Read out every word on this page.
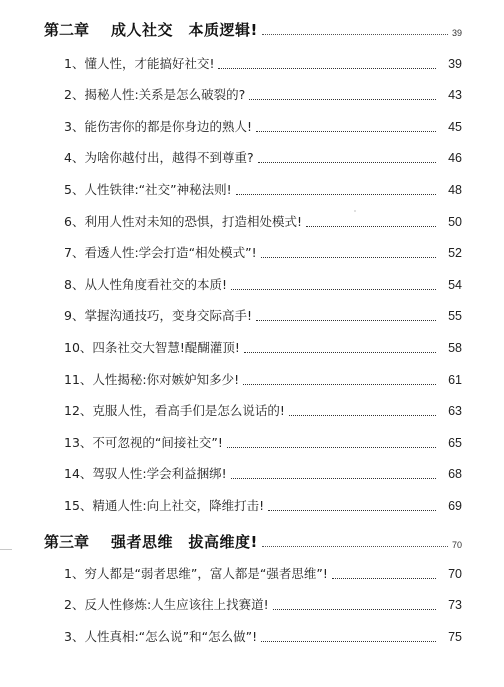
第二章 成人社交　本质逻辑!	39
1、懂人性，才能搞好社交!	39
2、揭秘人性:关系是怎么破裂的?	43
3、能伤害你的都是你身边的熟人!	45
4、为啥你越付出，越得不到尊重?	46
5、人性铁律:“社交”神秘法则!	48
6、利用人性对未知的恐惧，打造相处模式!	50
7、看透人性:学会打造“相处模式”!	52
8、从人性角度看社交的本质!	54
9、掌握沟通技巧，变身交际高手!	55
10、四条社交大智慧!醍醐灌顶!	58
11、人性揭秘:你对嫉妒知多少!	61
12、克服人性，看高手们是怎么说话的!	63
13、不可忽视的“间接社交”!	65
14、驾驭人性:学会利益捆绑!	68
15、精通人性:向上社交，降维打击!	69
第三章 强者思维　拔高维度!	70
1、穷人都是“弱者思维”，富人都是“强者思维”!	70
2、反人性修炼:人生应该往上找赛道!	73
3、人性真相:“怎么说”和“怎么做”!	75
